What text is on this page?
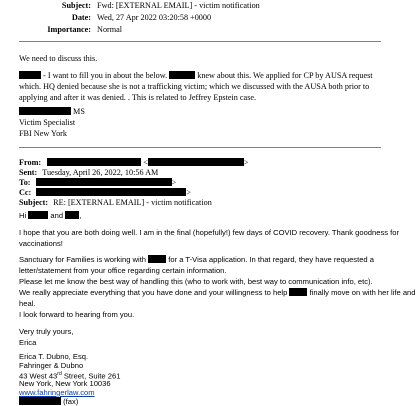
Subject: Fwd: [EXTERNAL EMAIL] - victim notification
Date: Wed, 27 Apr 2022 03:20:58 +0000
Importance: Normal
We need to discuss this.
- I want to fill you in about the below.	knew about this. We applied for CP by AUSA request
which. HQ denied because she is not a trafficking victim; which we discussed with the AUSA both prior to
applying and after it was denied. . This is related to Jeffrey Epstein case.
MS
Victim Specialist
FBI New York
From:	<	>
Sent: Tuesday, April 26, 2022, 10:56 AM
To:	>
Cc:	>
Subject: RE: [EXTERNAL EMAIL] - victim notification
Hi	and ,
I hope that you are both doing well. I am in the final (hopefully!) few days of COVID recovery. Thank goodness for
vaccinations!
Sanctuary for Families is working with  for a T-Visa application. In that regard, they have requested a
letter/statement from your office regarding certain information.
Please let me know the best way of handling this (who to work with, best way to communication info, etc).
We really appreciate everything that you have done and your willingness to help  finally move on with her life and
heal.
I look forward to hearing from you.
Very truly yours,
Erica
Erica T. Dubno, Esq.
Fahringer & Dubno
43 West 43rd Street, Suite 261
New York, New York 10036
www.fahringerlaw.com
(fax)
